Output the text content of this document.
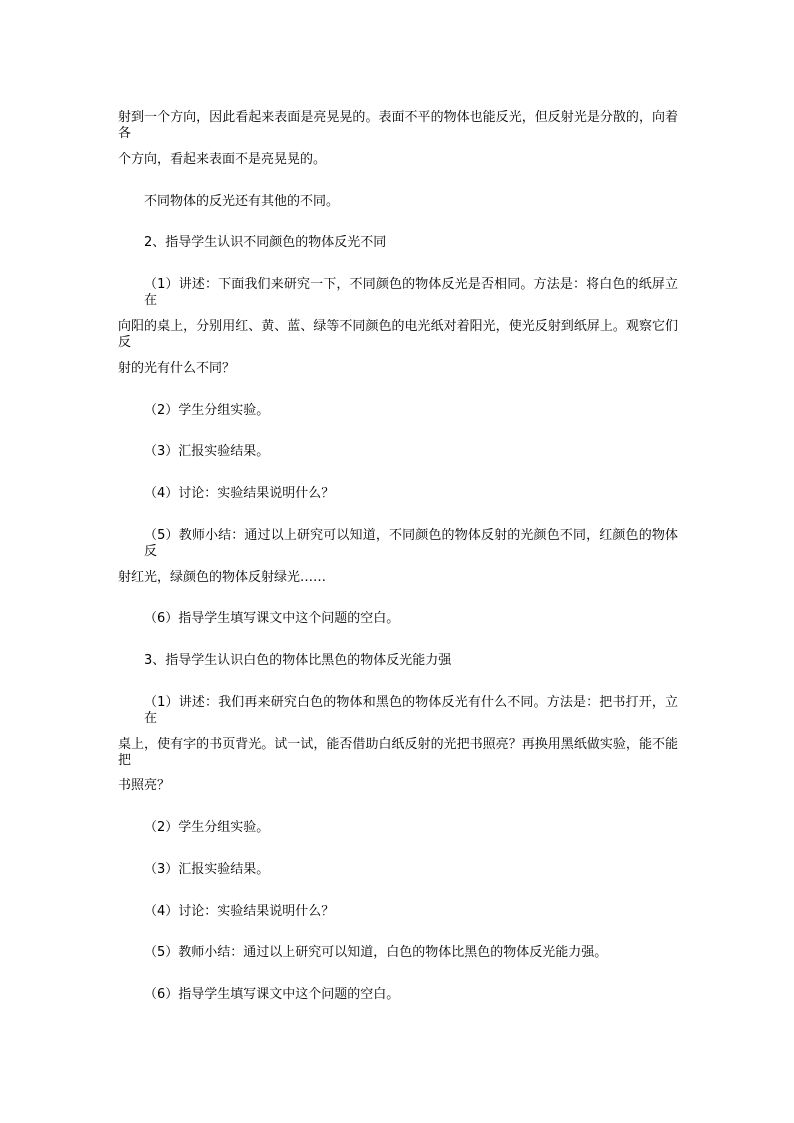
射到一个方向，因此看起来表面是亮晃晃的。表面不平的物体也能反光，但反射光是分散的，向着各
个方向，看起来表面不是亮晃晃的。
不同物体的反光还有其他的不同。
2、指导学生认识不同颜色的物体反光不同
（1）讲述：下面我们来研究一下，不同颜色的物体反光是否相同。方法是：将白色的纸屏立在
向阳的桌上，分别用红、黄、蓝、绿等不同颜色的电光纸对着阳光，使光反射到纸屏上。观察它们反
射的光有什么不同？
（2）学生分组实验。
（3）汇报实验结果。
（4）讨论：实验结果说明什么？
（5）教师小结：通过以上研究可以知道，不同颜色的物体反射的光颜色不同，红颜色的物体反
射红光，绿颜色的物体反射绿光……
（6）指导学生填写课文中这个问题的空白。
3、指导学生认识白色的物体比黑色的物体反光能力强
（1）讲述：我们再来研究白色的物体和黑色的物体反光有什么不同。方法是：把书打开，立在
桌上，使有字的书页背光。试一试，能否借助白纸反射的光把书照亮？再换用黑纸做实验，能不能把
书照亮？
（2）学生分组实验。
（3）汇报实验结果。
（4）讨论：实验结果说明什么？
（5）教师小结：通过以上研究可以知道，白色的物体比黑色的物体反光能力强。
（6）指导学生填写课文中这个问题的空白。
